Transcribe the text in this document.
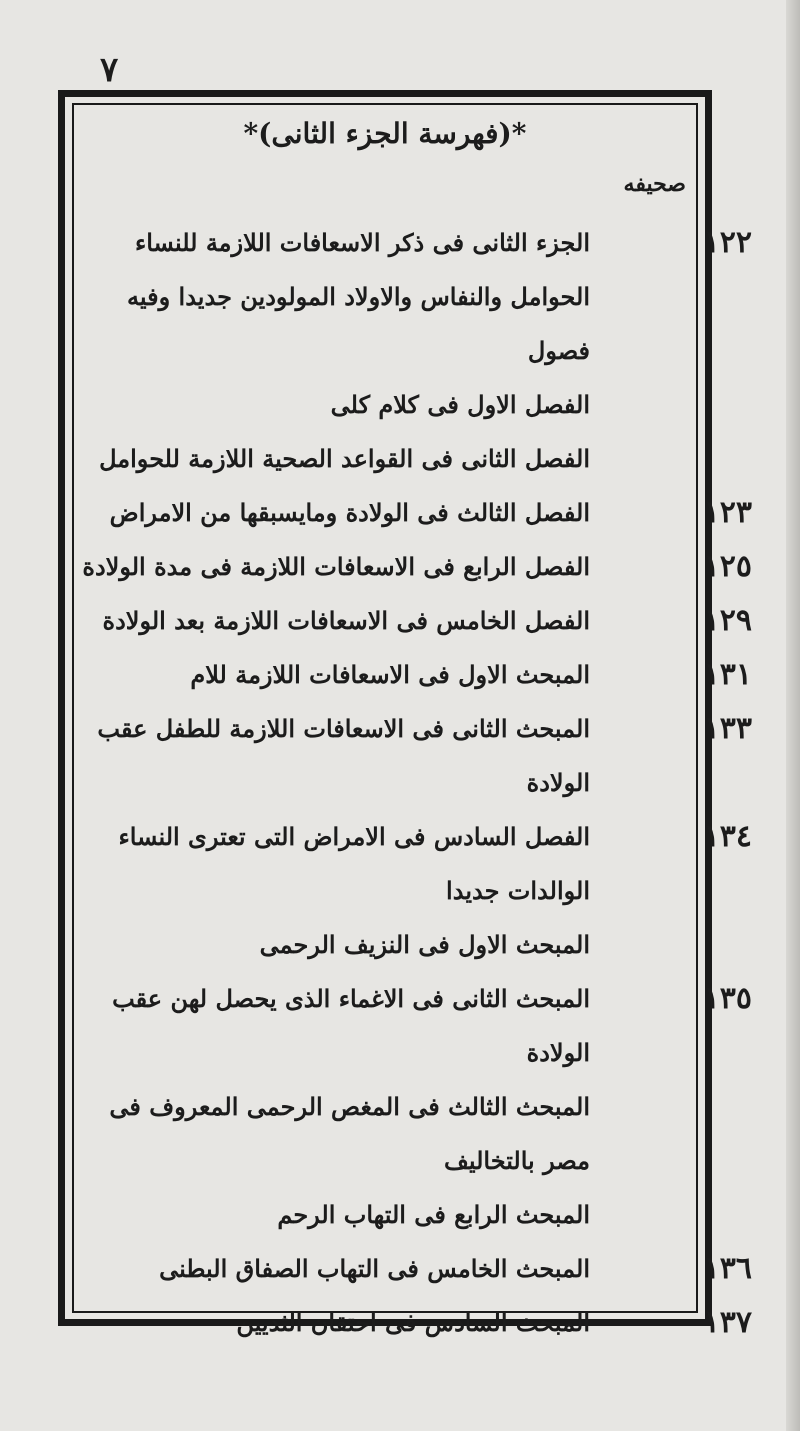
٧
*(فهرسة الجزء الثانى)*
صحيفه
١٢٢
الجزء الثانى فى ذكر الاسعافات اللازمة للنساء الحوامل والنفاس والاولاد المولودين جديدا وفيه فصول
الفصل الاول فى كلام كلى
الفصل الثانى فى القواعد الصحية اللازمة للحوامل
١٢٣
الفصل الثالث فى الولادة ومايسبقها من الامراض
١٢٥
الفصل الرابع فى الاسعافات اللازمة فى مدة الولادة
١٢٩
الفصل الخامس فى الاسعافات اللازمة بعد الولادة
١٣١
المبحث الاول فى الاسعافات اللازمة للام
١٣٣
المبحث الثانى فى الاسعافات اللازمة للطفل عقب الولادة
١٣٤
الفصل السادس فى الامراض التى تعترى النساء الوالدات جديدا
المبحث الاول فى النزيف الرحمى
١٣٥
المبحث الثانى فى الاغماء الذى يحصل لهن عقب الولادة
المبحث الثالث فى المغص الرحمى المعروف فى مصر بالتخاليف
المبحث الرابع فى التهاب الرحم
١٣٦
المبحث الخامس فى التهاب الصفاق البطنى
١٣٧
المبحث السادس فى احتقان الثديين
